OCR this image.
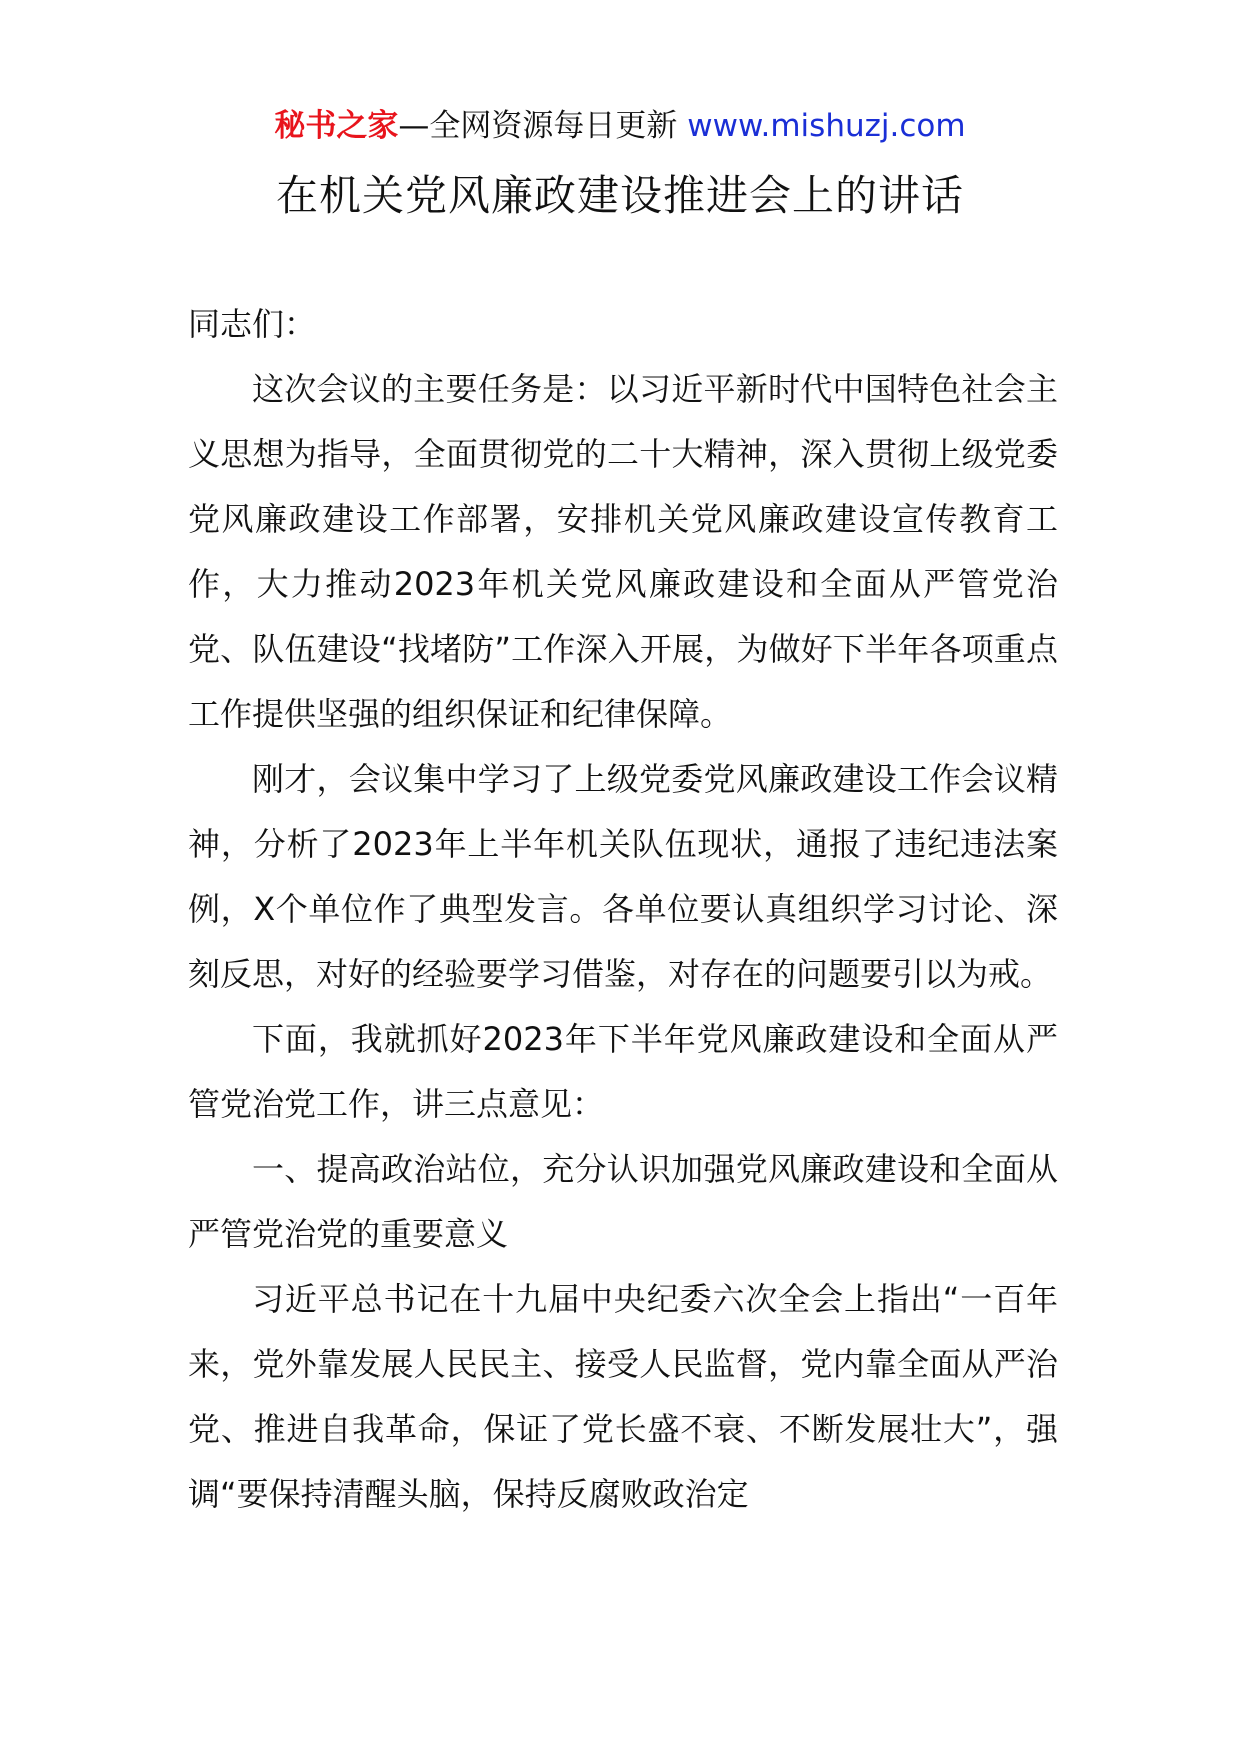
秘书之家—全网资源每日更新 www.mishuzj.com
在机关党风廉政建设推进会上的讲话

同志们：

这次会议的主要任务是：以习近平新时代中国特色社会主义思想为指导，全面贯彻党的二十大精神，深入贯彻上级党委党风廉政建设工作部署，安排机关党风廉政建设宣传教育工作，大力推动2023年机关党风廉政建设和全面从严管党治党、队伍建设“找堵防”工作深入开展，为做好下半年各项重点工作提供坚强的组织保证和纪律保障。

刚才，会议集中学习了上级党委党风廉政建设工作会议精神，分析了2023年上半年机关队伍现状，通报了违纪违法案例，X个单位作了典型发言。各单位要认真组织学习讨论、深刻反思，对好的经验要学习借鉴，对存在的问题要引以为戒。

下面，我就抓好2023年下半年党风廉政建设和全面从严管党治党工作，讲三点意见：

一、提高政治站位，充分认识加强党风廉政建设和全面从严管党治党的重要意义

习近平总书记在十九届中央纪委六次全会上指出“一百年来，党外靠发展人民民主、接受人民监督，党内靠全面从严治党、推进自我革命，保证了党长盛不衰、不断发展壮大”，强调“要保持清醒头脑，保持反腐败政治定
